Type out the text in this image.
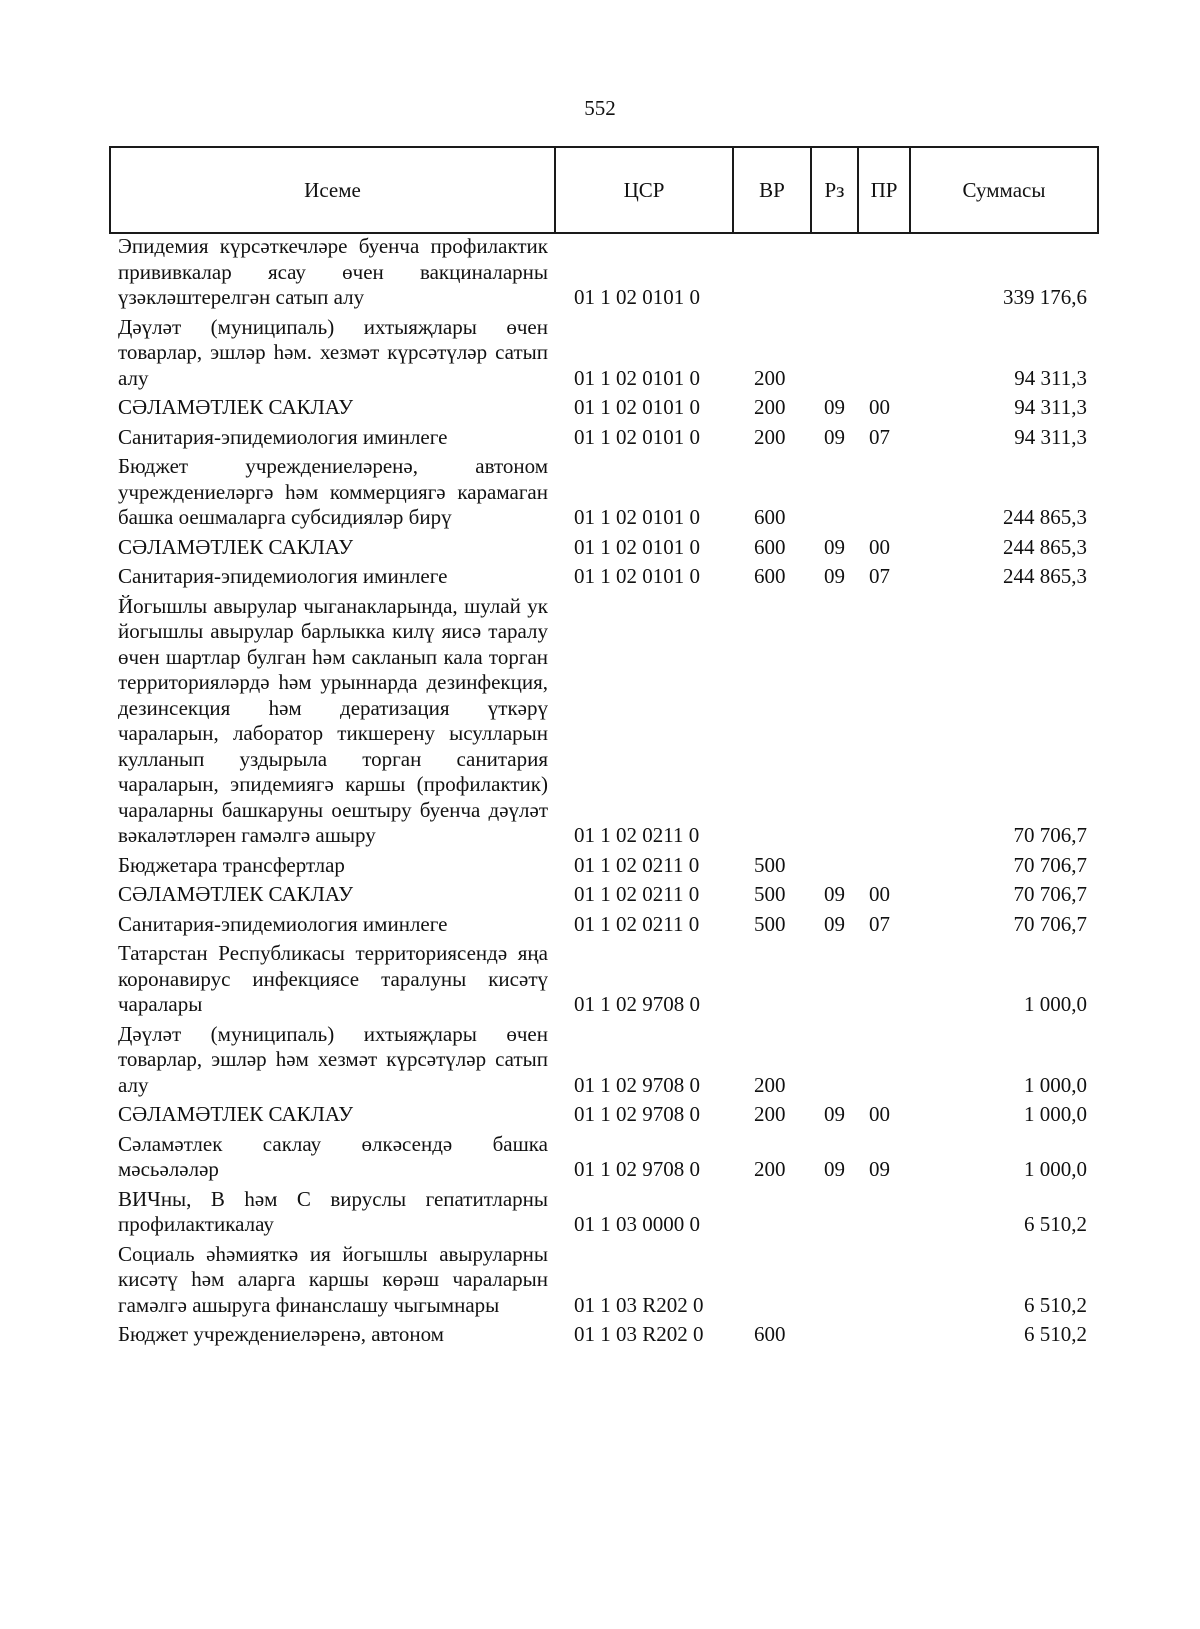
552
Исеме	ЦСР	ВР	Рз	ПР	Суммасы
Эпидемия күрсәткечләре буенча профилактик прививкалар ясау өчен вакциналарны үзәкләштерелгән сатып алу	01 1 02 0101 0				339 176,6
Дәүләт (муниципаль) ихтыяҗлары өчен товарлар, эшләр һәм. хезмәт күрсәтүләр сатып алу	01 1 02 0101 0	200			94 311,3
СӘЛАМӘТЛЕК САКЛАУ	01 1 02 0101 0	200	09	00	94 311,3
Санитария-эпидемиология иминлеге	01 1 02 0101 0	200	09	07	94 311,3
Бюджет учреждениеләренә, автоном учреждениеләргә һәм коммерциягә карамаган башка оешмаларга субсидияләр бирү	01 1 02 0101 0	600			244 865,3
СӘЛАМӘТЛЕК САКЛАУ	01 1 02 0101 0	600	09	00	244 865,3
Санитария-эпидемиология иминлеге	01 1 02 0101 0	600	09	07	244 865,3
Йогышлы авырулар чыганакларында, шулай ук йогышлы авырулар барлыкка килү яисә таралу өчен шартлар булган һәм сакланып кала торган территорияләрдә һәм урыннарда дезинфекция, дезинсекция һәм дератизация үткәрү чараларын, лаборатор тикшерену ысулларын кулланып уздырыла торган санитария чараларын, эпидемиягә каршы (профилактик) чараларны башкаруны оештыру буенча дәүләт вәкаләтләрен гамәлгә ашыру	01 1 02 0211 0				70 706,7
Бюджетара трансфертлар	01 1 02 0211 0	500			70 706,7
СӘЛАМӘТЛЕК САКЛАУ	01 1 02 0211 0	500	09	00	70 706,7
Санитария-эпидемиология иминлеге	01 1 02 0211 0	500	09	07	70 706,7
Татарстан Республикасы территориясендә яңа коронавирус инфекциясе таралуны кисәтү чаралары	01 1 02 9708 0				1 000,0
Дәүләт (муниципаль) ихтыяҗлары өчен товарлар, эшләр һәм хезмәт күрсәтүләр сатып алу	01 1 02 9708 0	200			1 000,0
СӘЛАМӘТЛЕК САКЛАУ	01 1 02 9708 0	200	09	00	1 000,0
Сәламәтлек саклау өлкәсендә башка мәсьәләләр	01 1 02 9708 0	200	09	09	1 000,0
ВИЧны, В һәм С вируслы гепатитларны профилактикалау	01 1 03 0000 0				6 510,2
Социаль әһәмияткә ия йогышлы авыруларны кисәтү һәм аларга каршы көрәш чараларын гамәлгә ашыруга финанслашу чыгымнары	01 1 03 R202 0				6 510,2
Бюджет учреждениеләренә, автоном	01 1 03 R202 0	600			6 510,2
